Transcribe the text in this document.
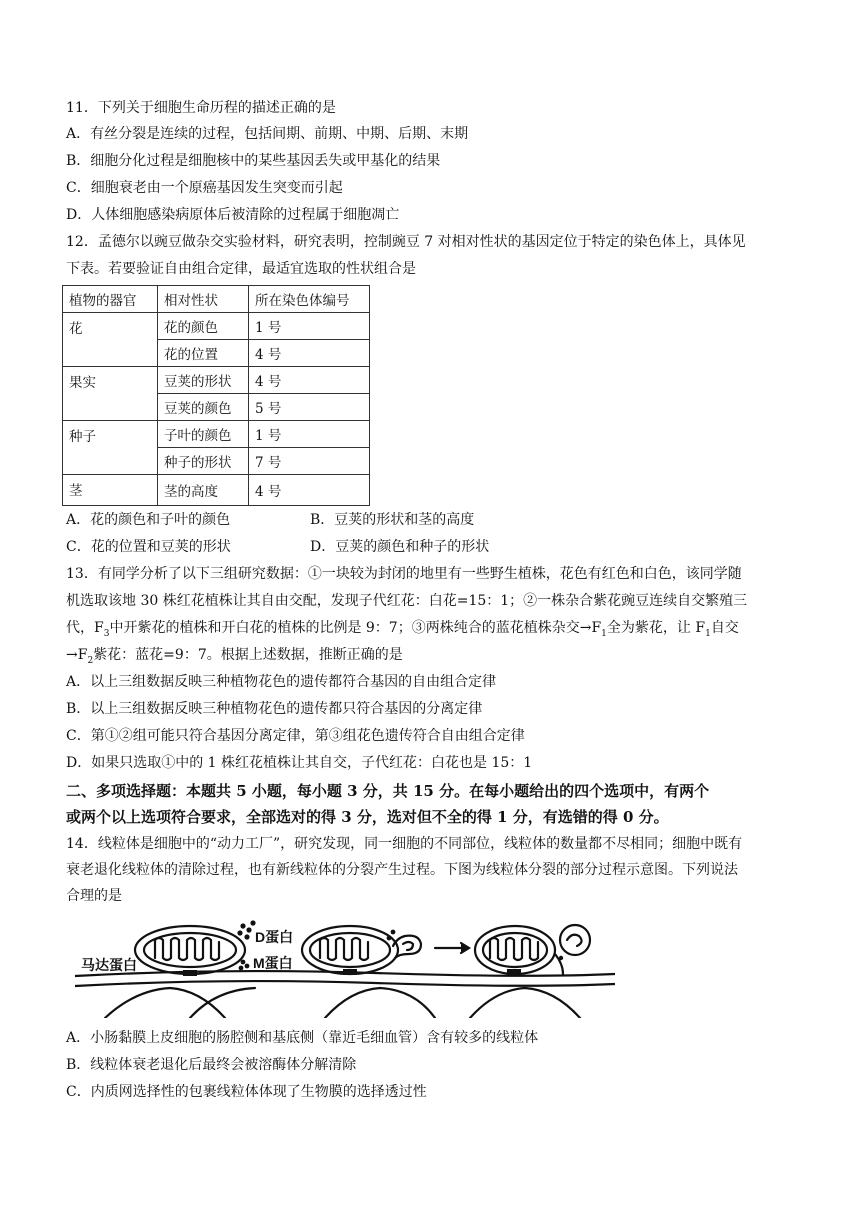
11．下列关于细胞生命历程的描述正确的是
A．有丝分裂是连续的过程，包括间期、前期、中期、后期、末期
B．细胞分化过程是细胞核中的某些基因丢失或甲基化的结果
C．细胞衰老由一个原癌基因发生突变而引起
D．人体细胞感染病原体后被清除的过程属于细胞凋亡
12．孟德尔以豌豆做杂交实验材料，研究表明，控制豌豆 7 对相对性状的基因定位于特定的染色体上，具体见
下表。若要验证自由组合定律，最适宜选取的性状组合是
植物的器官	相对性状	所在染色体编号
花	花的颜色	1 号
	花的位置	4 号
果实	豆荚的形状	4 号
	豆荚的颜色	5 号
种子	子叶的颜色	1 号
	种子的形状	7 号
茎	茎的高度	4 号
A．花的颜色和子叶的颜色	B．豆荚的形状和茎的高度
C．花的位置和豆荚的形状	D．豆荚的颜色和种子的形状
13．有同学分析了以下三组研究数据：①一块较为封闭的地里有一些野生植株，花色有红色和白色，该同学随
机选取该地 30 株红花植株让其自由交配，发现子代红花：白花=15：1；②一株杂合紫花豌豆连续自交繁殖三
代，$F_3$中开紫花的植株和开白花的植株的比例是 9：7；③两株纯合的蓝花植株杂交$\to F_1$全为紫花，让 $F_1$自交
$\to F_2$紫花：蓝花=9：7。根据上述数据，推断正确的是
A．以上三组数据反映三种植物花色的遗传都符合基因的自由组合定律
B．以上三组数据反映三种植物花色的遗传都只符合基因的分离定律
C．第①②组可能只符合基因分离定律，第③组花色遗传符合自由组合定律
D．如果只选取①中的 1 株红花植株让其自交，子代红花：白花也是 15：1
二、多项选择题：本题共 5 小题，每小题 3 分，共 15 分。在每小题给出的四个选项中，有两个
或两个以上选项符合要求，全部选对的得 3 分，选对但不全的得 1 分，有选错的得 0 分。
14．线粒体是细胞中的“动力工厂”，研究发现，同一细胞的不同部位，线粒体的数量都不尽相同；细胞中既有
衰老退化线粒体的清除过程，也有新线粒体的分裂产生过程。下图为线粒体分裂的部分过程示意图。下列说法
合理的是
马达蛋白
D蛋白
M蛋白
A．小肠黏膜上皮细胞的肠腔侧和基底侧（靠近毛细血管）含有较多的线粒体
B．线粒体衰老退化后最终会被溶酶体分解清除
C．内质网选择性的包裹线粒体体现了生物膜的选择透过性
